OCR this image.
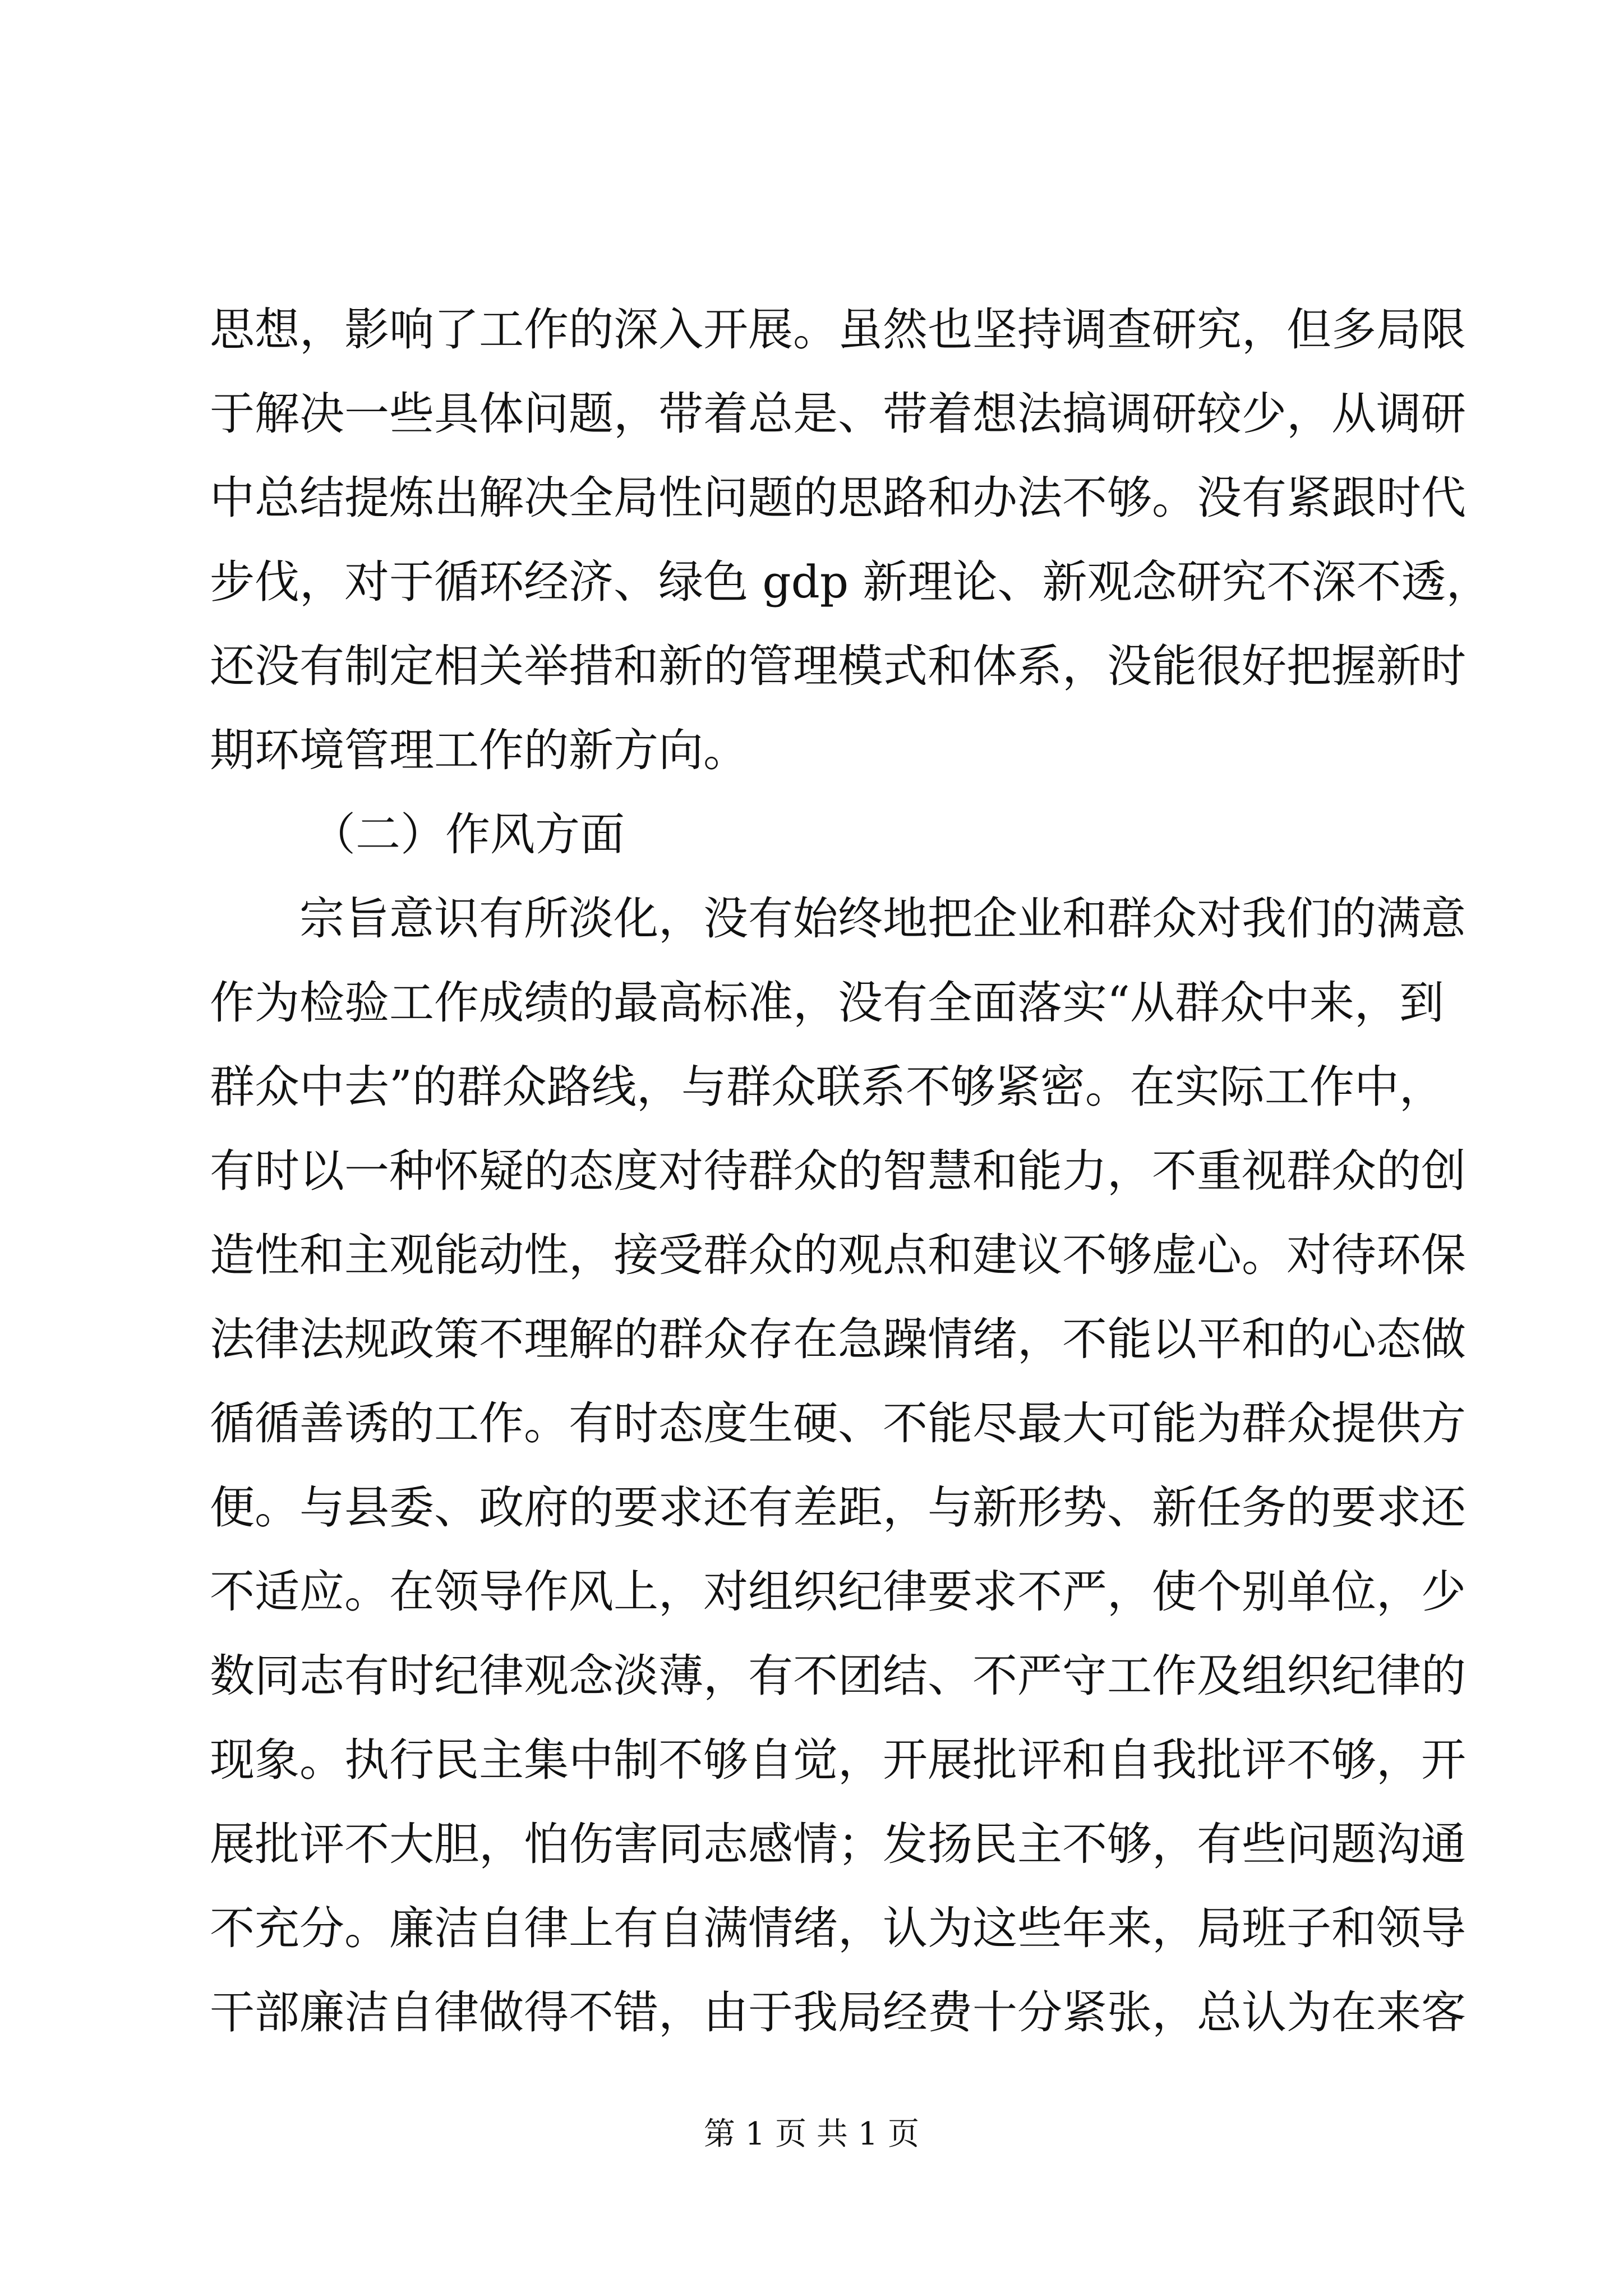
思想，影响了工作的深入开展。虽然也坚持调查研究，但多局限
于解决一些具体问题，带着总是、带着想法搞调研较少，从调研
中总结提炼出解决全局性问题的思路和办法不够。没有紧跟时代
步伐，对于循环经济、绿色 gdp 新理论、新观念研究不深不透，
还没有制定相关举措和新的管理模式和体系，没能很好把握新时
期环境管理工作的新方向。
（二）作风方面
宗旨意识有所淡化，没有始终地把企业和群众对我们的满意
作为检验工作成绩的最高标准，没有全面落实“从群众中来，到
群众中去”的群众路线，与群众联系不够紧密。在实际工作中，
有时以一种怀疑的态度对待群众的智慧和能力，不重视群众的创
造性和主观能动性，接受群众的观点和建议不够虚心。对待环保
法律法规政策不理解的群众存在急躁情绪，不能以平和的心态做
循循善诱的工作。有时态度生硬、不能尽最大可能为群众提供方
便。与县委、政府的要求还有差距，与新形势、新任务的要求还
不适应。在领导作风上，对组织纪律要求不严，使个别单位，少
数同志有时纪律观念淡薄，有不团结、不严守工作及组织纪律的
现象。执行民主集中制不够自觉，开展批评和自我批评不够，开
展批评不大胆，怕伤害同志感情；发扬民主不够，有些问题沟通
不充分。廉洁自律上有自满情绪，认为这些年来，局班子和领导
干部廉洁自律做得不错，由于我局经费十分紧张，总认为在来客
第 1 页 共 1 页
